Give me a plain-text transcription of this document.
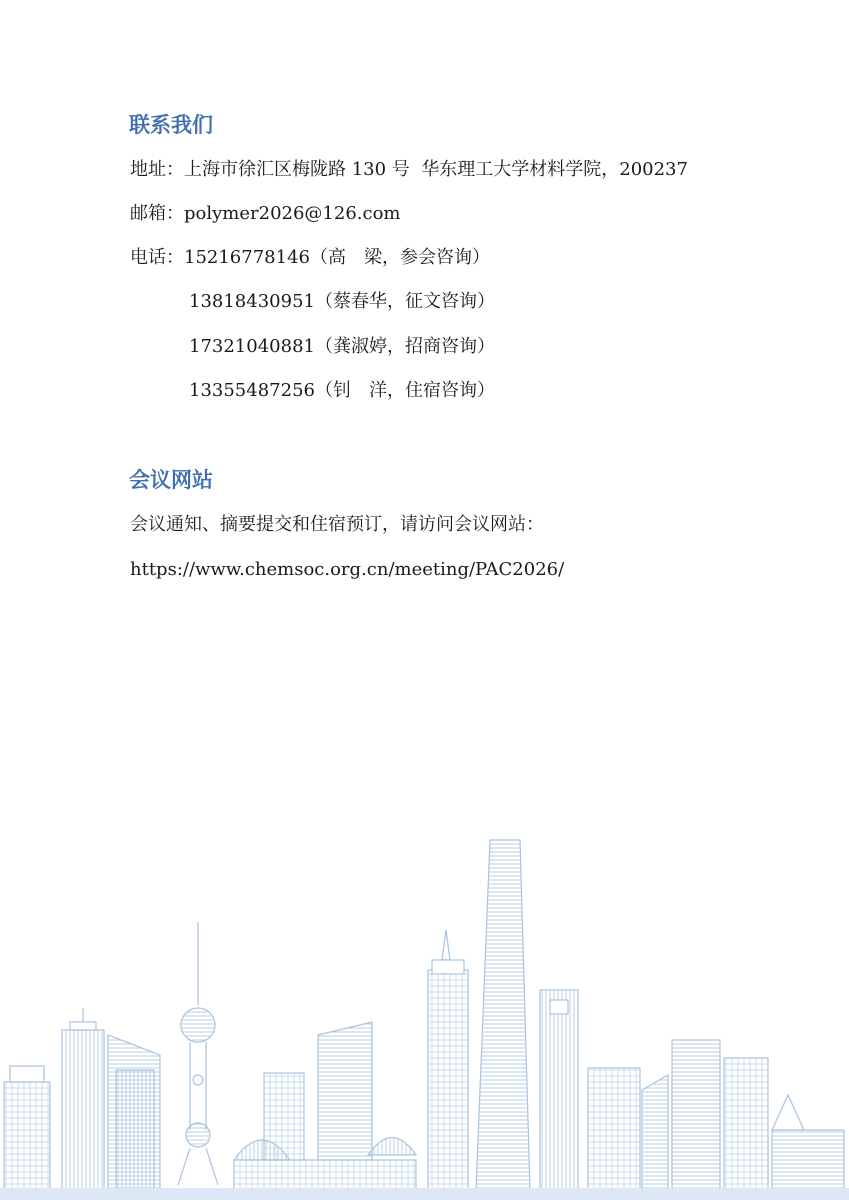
联系我们

地址：上海市徐汇区梅陇路 130 号  华东理工大学材料学院，200237

邮箱：polymer2026@126.com

电话：15216778146（高　梁，参会咨询）

13818430951（蔡春华，征文咨询）
17321040881（龚淑婷，招商咨询）
13355487256（钊　洋，住宿咨询）
会议网站

会议通知、摘要提交和住宿预订，请访问会议网站：

https://www.chemsoc.org.cn/meeting/PAC2026/
